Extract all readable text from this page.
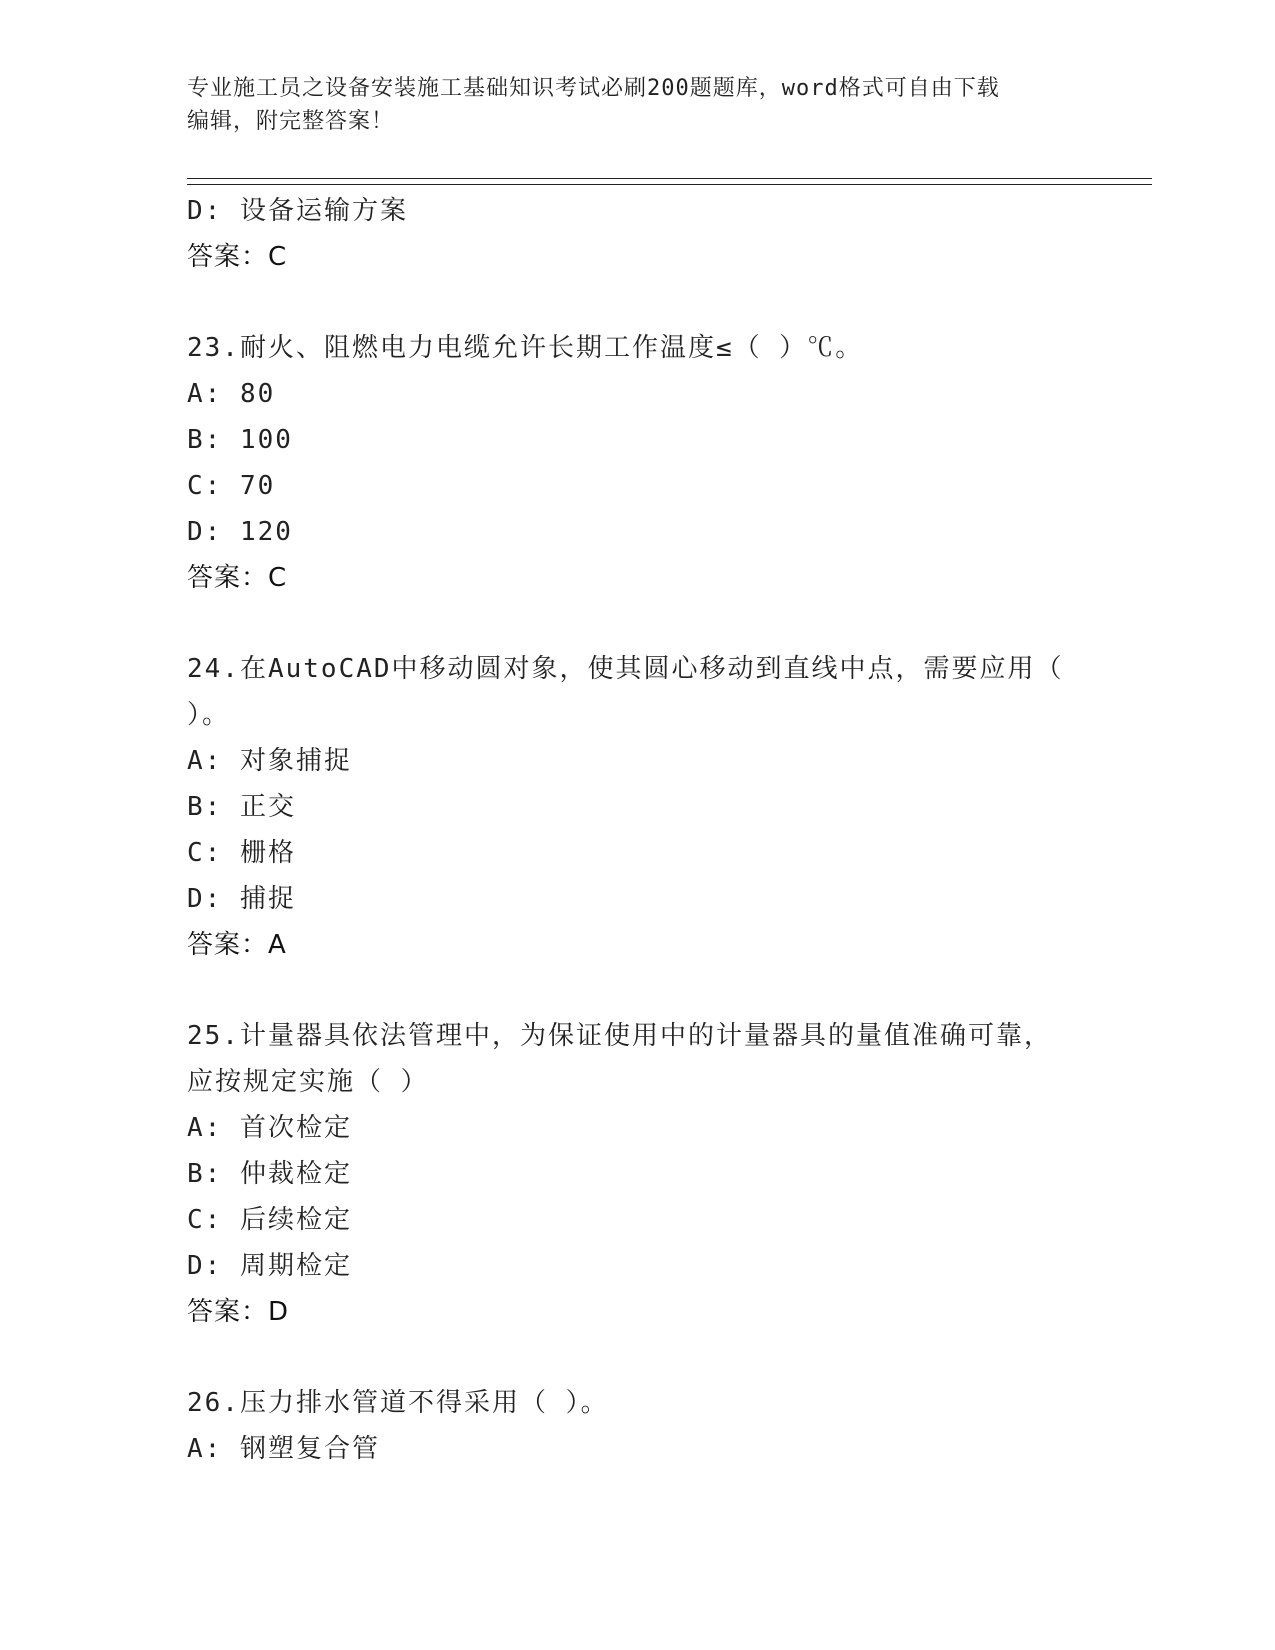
专业施工员之设备安装施工基础知识考试必刷200题题库，word格式可自由下载
编辑，附完整答案！
D: 设备运输方案
答案：C
23.耐火、阻燃电力电缆允许长期工作温度≤（ ）℃。
A: 80
B: 100
C: 70
D: 120
答案：C
24.在AutoCAD中移动圆对象，使其圆心移动到直线中点，需要应用（
）。
A: 对象捕捉
B: 正交
C: 栅格
D: 捕捉
答案：A
25.计量器具依法管理中，为保证使用中的计量器具的量值准确可靠，
应按规定实施（ ）
A: 首次检定
B: 仲裁检定
C: 后续检定
D: 周期检定
答案：D
26.压力排水管道不得采用（ ）。
A: 钢塑复合管
